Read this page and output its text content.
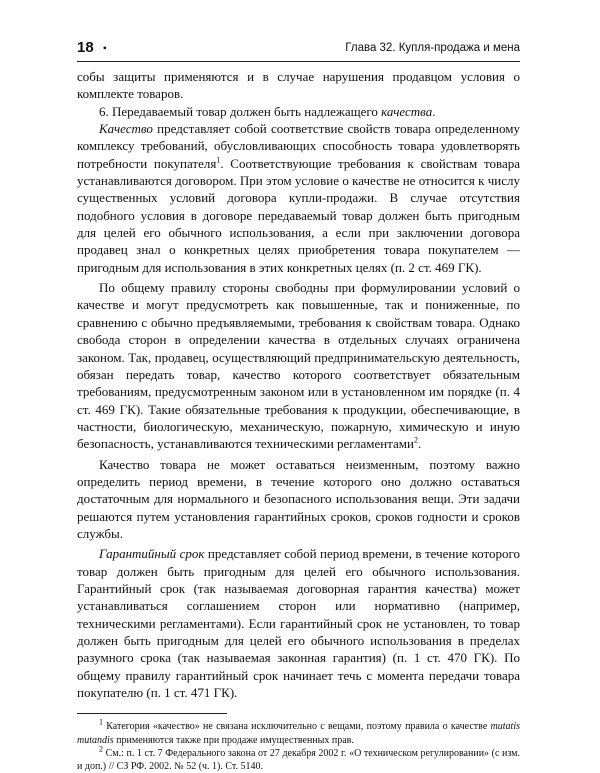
18 •	Глава 32. Купля-продажа и мена

собы защиты применяются и в случае нарушения продавцом условия о комплекте товаров.

6. Передаваемый товар должен быть надлежащего качества.

Качество представляет собой соответствие свойств товара определенному комплексу требований, обусловливающих способность товара удовлетворять потребности покупателя$^1$. Соответствующие требования к свойствам товара устанавливаются договором. При этом условие о качестве не относится к числу существенных условий договора купли-продажи. В случае отсутствия подобного условия в договоре передаваемый товар должен быть пригодным для целей его обычного использования, а если при заключении договора продавец знал о конкретных целях приобретения товара покупателем — пригодным для использования в этих конкретных целях (п. 2 ст. 469 ГК).

По общему правилу стороны свободны при формулировании условий о качестве и могут предусмотреть как повышенные, так и пониженные, по сравнению с обычно предъявляемыми, требования к свойствам товара. Однако свобода сторон в определении качества в отдельных случаях ограничена законом. Так, продавец, осуществляющий предпринимательскую деятельность, обязан передать товар, качество которого соответствует обязательным требованиям, предусмотренным законом или в установленном им порядке (п. 4 ст. 469 ГК). Такие обязательные требования к продукции, обеспечивающие, в частности, биологическую, механическую, пожарную, химическую и иную безопасность, устанавливаются техническими регламентами$^2$.

Качество товара не может оставаться неизменным, поэтому важно определить период времени, в течение которого оно должно оставаться достаточным для нормального и безопасного использования вещи. Эти задачи решаются путем установления гарантийных сроков, сроков годности и сроков службы.

Гарантийный срок представляет собой период времени, в течение которого товар должен быть пригодным для целей его обычного использования. Гарантийный срок (так называемая договорная гарантия качества) может устанавливаться соглашением сторон или нормативно (например, техническими регламентами). Если гарантийный срок не установлен, то товар должен быть пригодным для целей его обычного использования в пределах разумного срока (так называемая законная гарантия) (п. 1 ст. 470 ГК). По общему правилу гарантийный срок начинает течь с момента передачи товара покупателю (п. 1 ст. 471 ГК).

$^1$ Категория «качество» не связана исключительно с вещами, поэтому правила о качестве mutatis mutandis применяются также при продаже имущественных прав.

$^2$ См.: п. 1 ст. 7 Федерального закона от 27 декабря 2002 г. «О техническом регулировании» (с изм. и доп.) // СЗ РФ. 2002. № 52 (ч. 1). Ст. 5140.
